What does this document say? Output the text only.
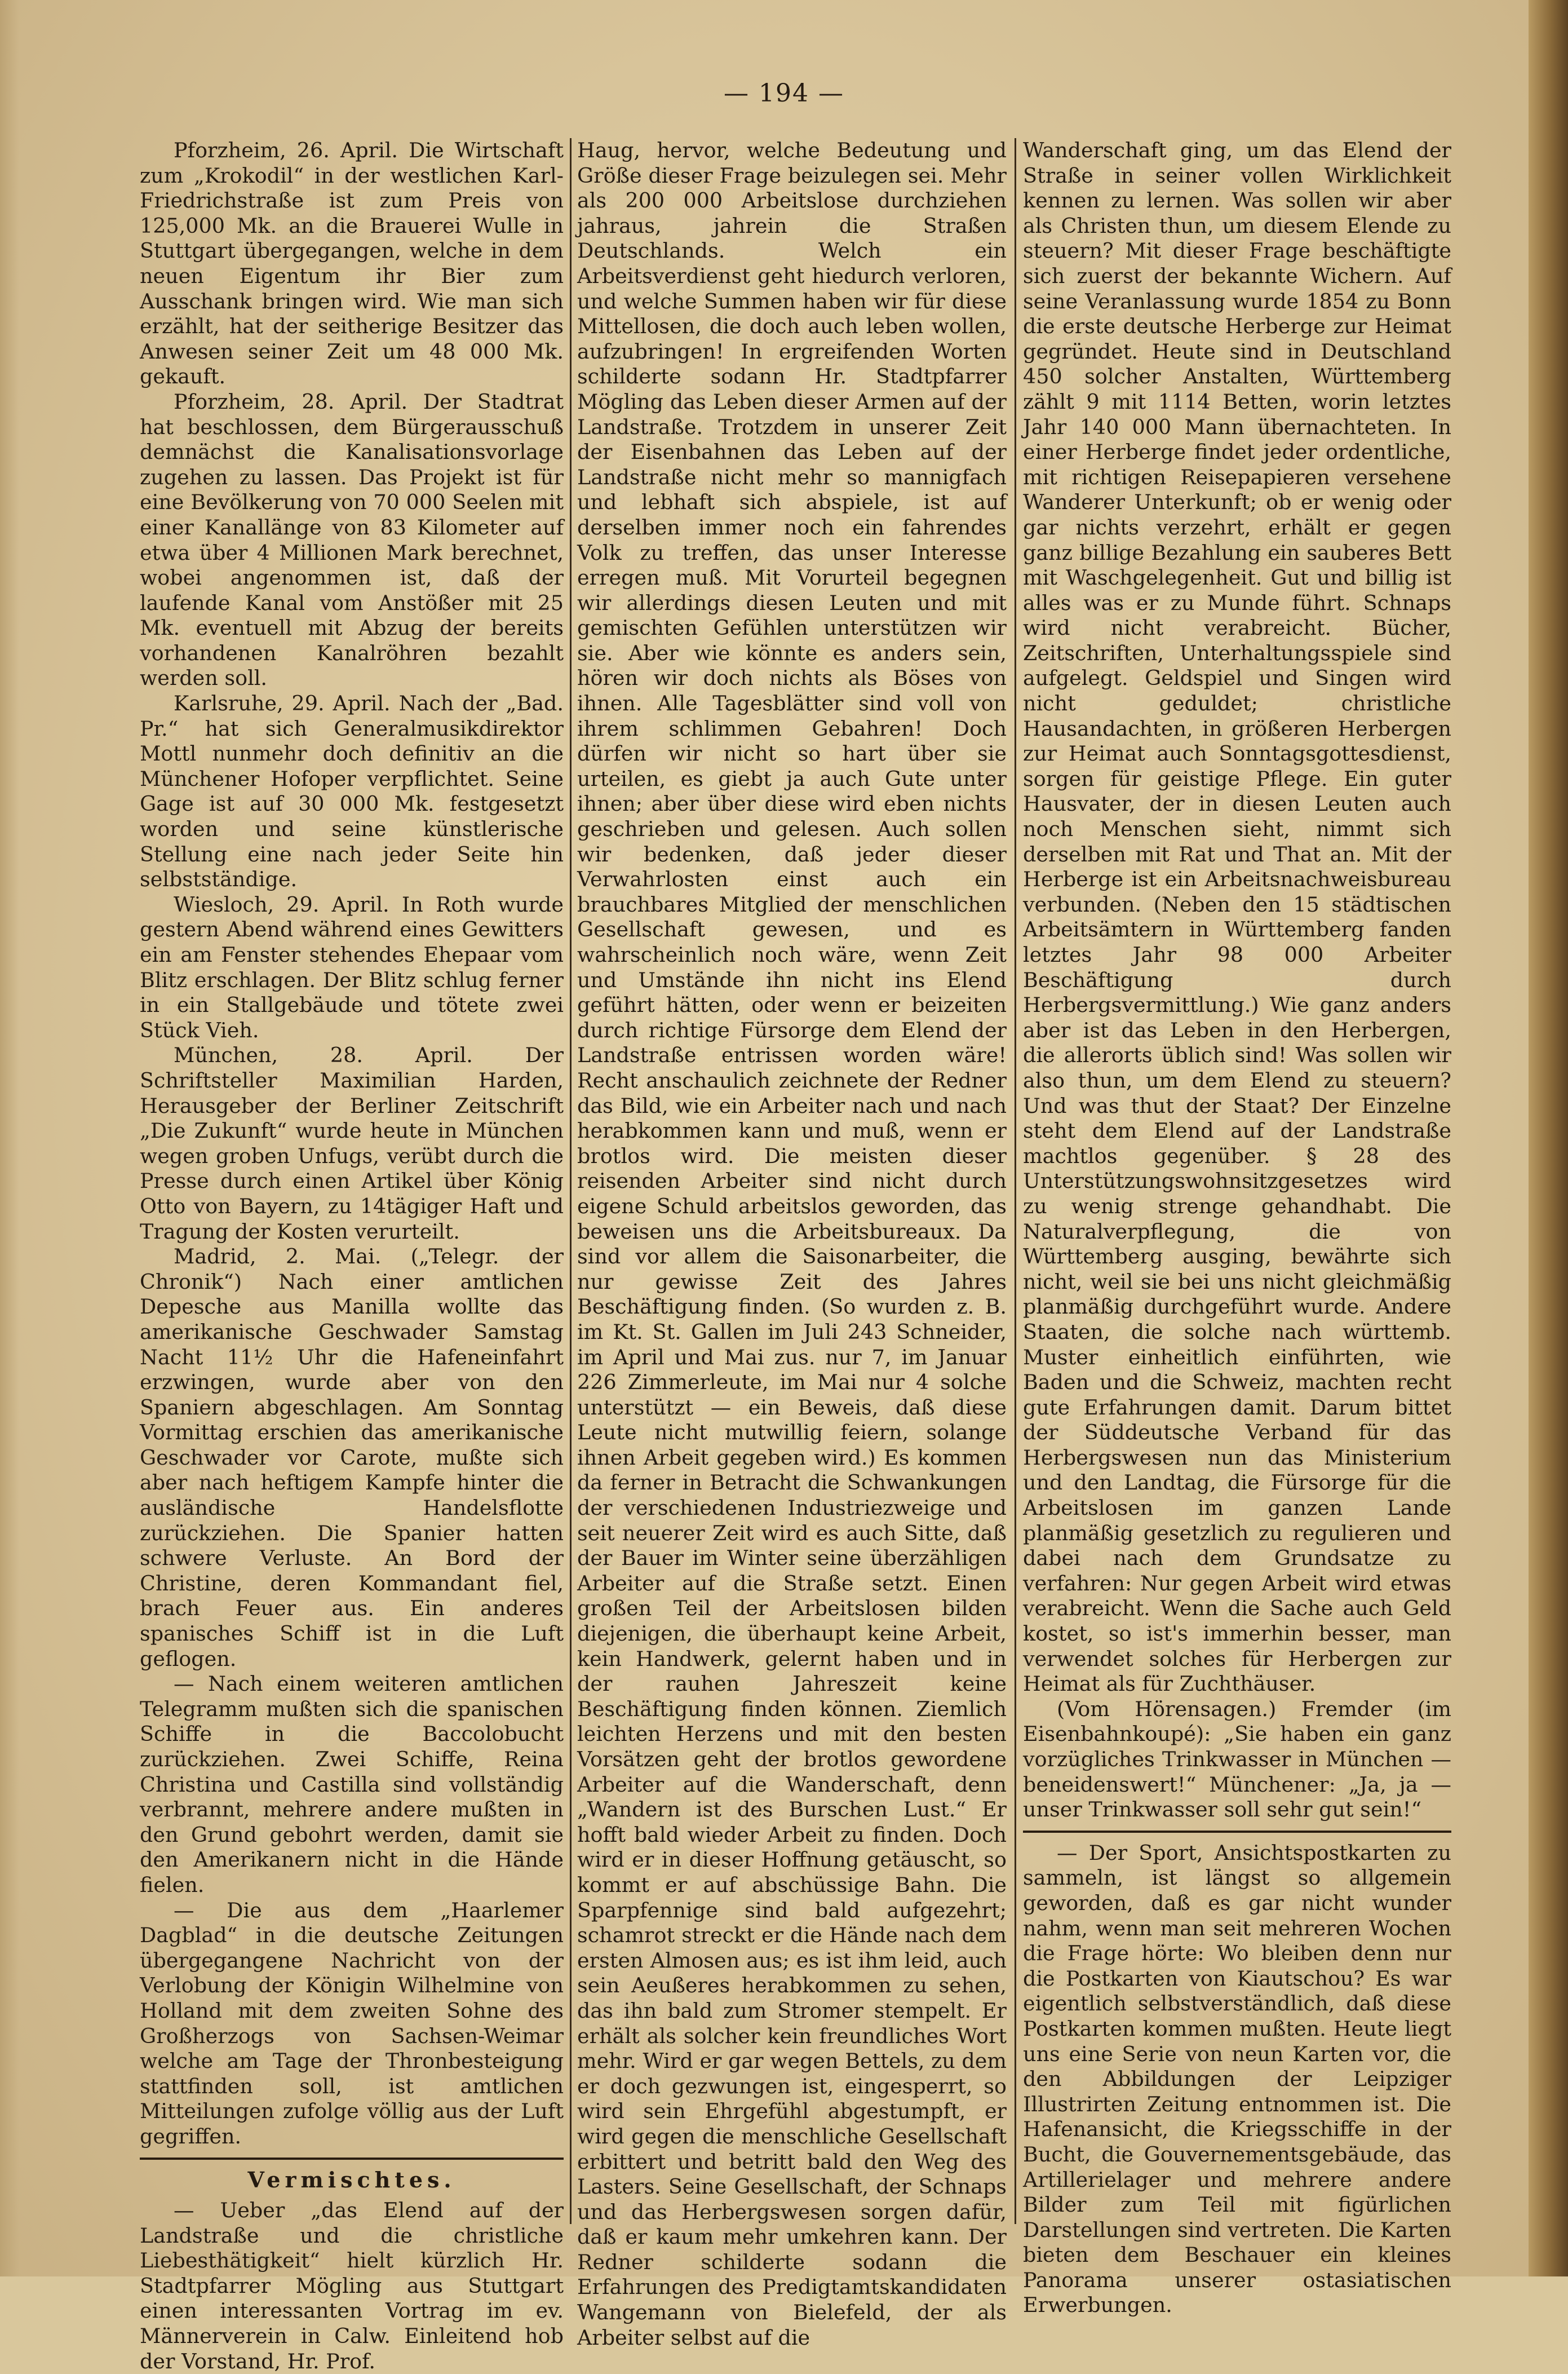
— 194 —

Pforzheim, 26. April. Die Wirtschaft zum „Krokodil“ in der westlichen Karl-Friedrichstraße ist zum Preis von 125,000 Mk. an die Brauerei Wulle in Stuttgart übergegangen, welche in dem neuen Eigentum ihr Bier zum Ausschank bringen wird. Wie man sich erzählt, hat der seitherige Besitzer das Anwesen seiner Zeit um 48 000 Mk. gekauft.

Pforzheim, 28. April. Der Stadtrat hat beschlossen, dem Bürgerausschuß demnächst die Kanalisationsvorlage zugehen zu lassen. Das Projekt ist für eine Bevölkerung von 70 000 Seelen mit einer Kanallänge von 83 Kilometer auf etwa über 4 Millionen Mark berechnet, wobei angenommen ist, daß der laufende Kanal vom Anstößer mit 25 Mk. eventuell mit Abzug der bereits vorhandenen Kanalröhren bezahlt werden soll.

Karlsruhe, 29. April. Nach der „Bad. Pr.“ hat sich Generalmusikdirektor Mottl nunmehr doch definitiv an die Münchener Hofoper verpflichtet. Seine Gage ist auf 30 000 Mk. festgesetzt worden und seine künstlerische Stellung eine nach jeder Seite hin selbstständige.

Wiesloch, 29. April. In Roth wurde gestern Abend während eines Gewitters ein am Fenster stehendes Ehepaar vom Blitz erschlagen. Der Blitz schlug ferner in ein Stallgebäude und tötete zwei Stück Vieh.

München, 28. April. Der Schriftsteller Maximilian Harden, Herausgeber der Berliner Zeitschrift „Die Zukunft“ wurde heute in München wegen groben Unfugs, verübt durch die Presse durch einen Artikel über König Otto von Bayern, zu 14tägiger Haft und Tragung der Kosten verurteilt.

Madrid, 2. Mai. („Telegr. der Chronik“) Nach einer amtlichen Depesche aus Manilla wollte das amerikanische Geschwader Samstag Nacht 11½ Uhr die Hafeneinfahrt erzwingen, wurde aber von den Spaniern abgeschlagen. Am Sonntag Vormittag erschien das amerikanische Geschwader vor Carote, mußte sich aber nach heftigem Kampfe hinter die ausländische Handelsflotte zurückziehen. Die Spanier hatten schwere Verluste. An Bord der Christine, deren Kommandant fiel, brach Feuer aus. Ein anderes spanisches Schiff ist in die Luft geflogen.

— Nach einem weiteren amtlichen Telegramm mußten sich die spanischen Schiffe in die Baccolobucht zurückziehen. Zwei Schiffe, Reina Christina und Castilla sind vollständig verbrannt, mehrere andere mußten in den Grund gebohrt werden, damit sie den Amerikanern nicht in die Hände fielen.

— Die aus dem „Haarlemer Dagblad“ in die deutsche Zeitungen übergegangene Nachricht von der Verlobung der Königin Wilhelmine von Holland mit dem zweiten Sohne des Großherzogs von Sachsen-Weimar welche am Tage der Thronbesteigung stattfinden soll, ist amtlichen Mitteilungen zufolge völlig aus der Luft gegriffen.

Vermischtes.

— Ueber „das Elend auf der Landstraße und die christliche Liebesthätigkeit“ hielt kürzlich Hr. Stadtpfarrer Mögling aus Stuttgart einen interessanten Vortrag im ev. Männerverein in Calw. Einleitend hob der Vorstand, Hr. Prof.

Haug, hervor, welche Bedeutung und Größe dieser Frage beizulegen sei. Mehr als 200 000 Arbeitslose durchziehen jahraus, jahrein die Straßen Deutschlands. Welch ein Arbeitsverdienst geht hiedurch verloren, und welche Summen haben wir für diese Mittellosen, die doch auch leben wollen, aufzubringen! In ergreifenden Worten schilderte sodann Hr. Stadtpfarrer Mögling das Leben dieser Armen auf der Landstraße. Trotzdem in unserer Zeit der Eisenbahnen das Leben auf der Landstraße nicht mehr so mannigfach und lebhaft sich abspiele, ist auf derselben immer noch ein fahrendes Volk zu treffen, das unser Interesse erregen muß. Mit Vorurteil begegnen wir allerdings diesen Leuten und mit gemischten Gefühlen unterstützen wir sie. Aber wie könnte es anders sein, hören wir doch nichts als Böses von ihnen. Alle Tagesblätter sind voll von ihrem schlimmen Gebahren! Doch dürfen wir nicht so hart über sie urteilen, es giebt ja auch Gute unter ihnen; aber über diese wird eben nichts geschrieben und gelesen. Auch sollen wir bedenken, daß jeder dieser Verwahrlosten einst auch ein brauchbares Mitglied der menschlichen Gesellschaft gewesen, und es wahrscheinlich noch wäre, wenn Zeit und Umstände ihn nicht ins Elend geführt hätten, oder wenn er beizeiten durch richtige Fürsorge dem Elend der Landstraße entrissen worden wäre! Recht anschaulich zeichnete der Redner das Bild, wie ein Arbeiter nach und nach herabkommen kann und muß, wenn er brotlos wird. Die meisten dieser reisenden Arbeiter sind nicht durch eigene Schuld arbeitslos geworden, das beweisen uns die Arbeitsbureaux. Da sind vor allem die Saisonarbeiter, die nur gewisse Zeit des Jahres Beschäftigung finden. (So wurden z. B. im Kt. St. Gallen im Juli 243 Schneider, im April und Mai zus. nur 7, im Januar 226 Zimmerleute, im Mai nur 4 solche unterstützt — ein Beweis, daß diese Leute nicht mutwillig feiern, solange ihnen Arbeit gegeben wird.) Es kommen da ferner in Betracht die Schwankungen der verschiedenen Industriezweige und seit neuerer Zeit wird es auch Sitte, daß der Bauer im Winter seine überzähligen Arbeiter auf die Straße setzt. Einen großen Teil der Arbeitslosen bilden diejenigen, die überhaupt keine Arbeit, kein Handwerk, gelernt haben und in der rauhen Jahreszeit keine Beschäftigung finden können. Ziemlich leichten Herzens und mit den besten Vorsätzen geht der brotlos gewordene Arbeiter auf die Wanderschaft, denn „Wandern ist des Burschen Lust.“ Er hofft bald wieder Arbeit zu finden. Doch wird er in dieser Hoffnung getäuscht, so kommt er auf abschüssige Bahn. Die Sparpfennige sind bald aufgezehrt; schamrot streckt er die Hände nach dem ersten Almosen aus; es ist ihm leid, auch sein Aeußeres herabkommen zu sehen, das ihn bald zum Stromer stempelt. Er erhält als solcher kein freundliches Wort mehr. Wird er gar wegen Bettels, zu dem er doch gezwungen ist, eingesperrt, so wird sein Ehrgefühl abgestumpft, er wird gegen die menschliche Gesellschaft erbittert und betritt bald den Weg des Lasters. Seine Gesellschaft, der Schnaps und das Herbergswesen sorgen dafür, daß er kaum mehr umkehren kann. Der Redner schilderte sodann die Erfahrungen des Predigtamtskandidaten Wangemann von Bielefeld, der als Arbeiter selbst auf die

Wanderschaft ging, um das Elend der Straße in seiner vollen Wirklichkeit kennen zu lernen. Was sollen wir aber als Christen thun, um diesem Elende zu steuern? Mit dieser Frage beschäftigte sich zuerst der bekannte Wichern. Auf seine Veranlassung wurde 1854 zu Bonn die erste deutsche Herberge zur Heimat gegründet. Heute sind in Deutschland 450 solcher Anstalten, Württemberg zählt 9 mit 1114 Betten, worin letztes Jahr 140 000 Mann übernachteten. In einer Herberge findet jeder ordentliche, mit richtigen Reisepapieren versehene Wanderer Unterkunft; ob er wenig oder gar nichts verzehrt, erhält er gegen ganz billige Bezahlung ein sauberes Bett mit Waschgelegenheit. Gut und billig ist alles was er zu Munde führt. Schnaps wird nicht verabreicht. Bücher, Zeitschriften, Unterhaltungsspiele sind aufgelegt. Geldspiel und Singen wird nicht geduldet; christliche Hausandachten, in größeren Herbergen zur Heimat auch Sonntagsgottesdienst, sorgen für geistige Pflege. Ein guter Hausvater, der in diesen Leuten auch noch Menschen sieht, nimmt sich derselben mit Rat und That an. Mit der Herberge ist ein Arbeitsnachweisbureau verbunden. (Neben den 15 städtischen Arbeitsämtern in Württemberg fanden letztes Jahr 98 000 Arbeiter Beschäftigung durch Herbergsvermittlung.) Wie ganz anders aber ist das Leben in den Herbergen, die allerorts üblich sind! Was sollen wir also thun, um dem Elend zu steuern? Und was thut der Staat? Der Einzelne steht dem Elend auf der Landstraße machtlos gegenüber. § 28 des Unterstützungswohnsitzgesetzes wird zu wenig strenge gehandhabt. Die Naturalverpflegung, die von Württemberg ausging, bewährte sich nicht, weil sie bei uns nicht gleichmäßig planmäßig durchgeführt wurde. Andere Staaten, die solche nach württemb. Muster einheitlich einführten, wie Baden und die Schweiz, machten recht gute Erfahrungen damit. Darum bittet der Süddeutsche Verband für das Herbergswesen nun das Ministerium und den Landtag, die Fürsorge für die Arbeitslosen im ganzen Lande planmäßig gesetzlich zu regulieren und dabei nach dem Grundsatze zu verfahren: Nur gegen Arbeit wird etwas verabreicht. Wenn die Sache auch Geld kostet, so ist's immerhin besser, man verwendet solches für Herbergen zur Heimat als für Zuchthäuser.

(Vom Hörensagen.) Fremder (im Eisenbahnkoupé): „Sie haben ein ganz vorzügliches Trinkwasser in München — beneidenswert!“ Münchener: „Ja, ja — unser Trinkwasser soll sehr gut sein!“

— Der Sport, Ansichtspostkarten zu sammeln, ist längst so allgemein geworden, daß es gar nicht wunder nahm, wenn man seit mehreren Wochen die Frage hörte: Wo bleiben denn nur die Postkarten von Kiautschou? Es war eigentlich selbstverständlich, daß diese Postkarten kommen mußten. Heute liegt uns eine Serie von neun Karten vor, die den Abbildungen der Leipziger Illustrirten Zeitung entnommen ist. Die Hafenansicht, die Kriegsschiffe in der Bucht, die Gouvernementsgebäude, das Artillerielager und mehrere andere Bilder zum Teil mit figürlichen Darstellungen sind vertreten. Die Karten bieten dem Beschauer ein kleines Panorama unserer ostasiatischen Erwerbungen.
